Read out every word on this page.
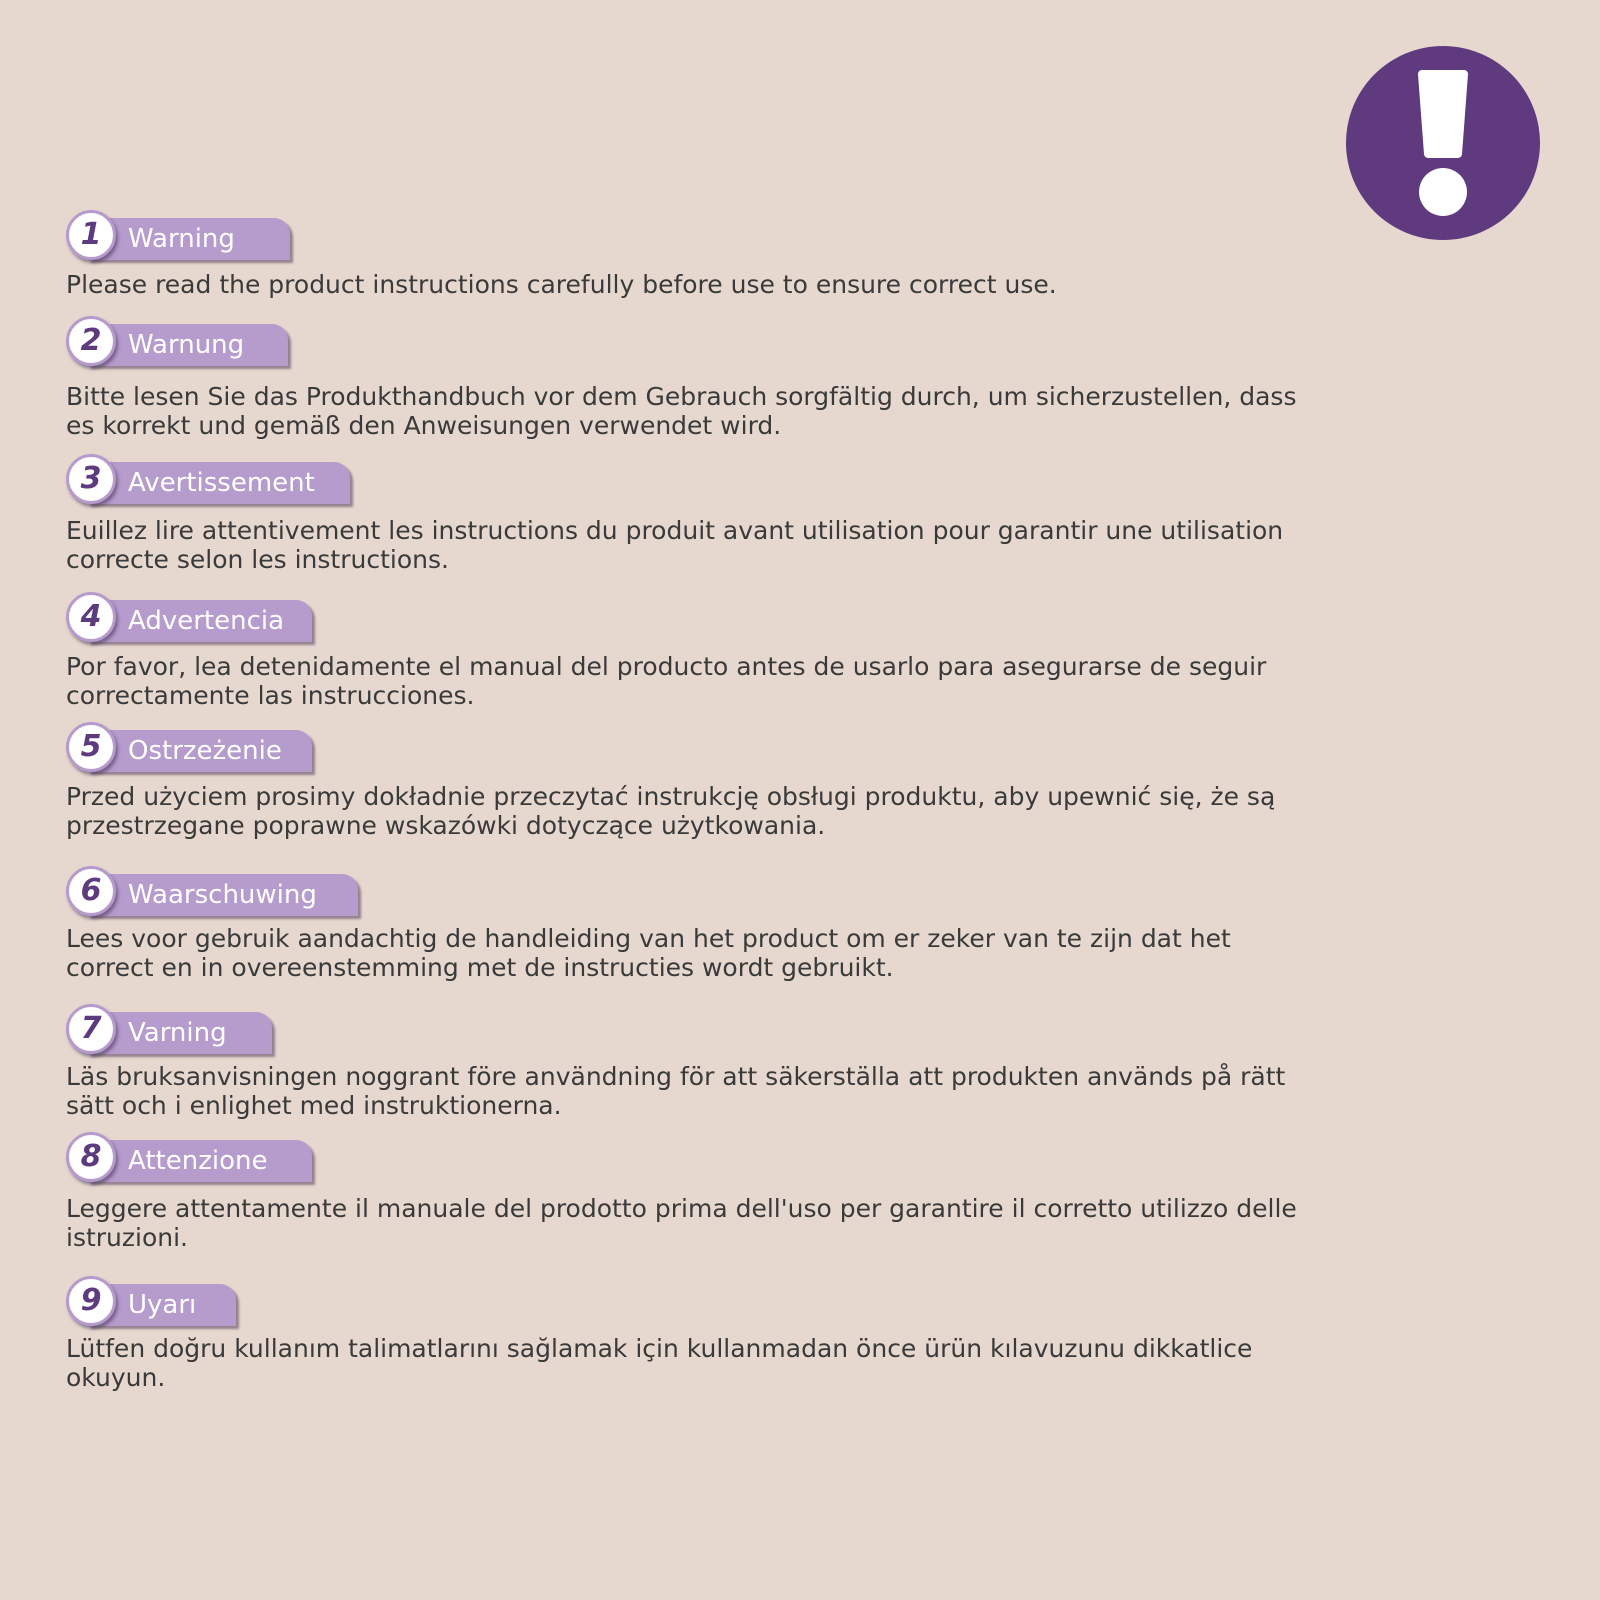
1	Warning

Please read the product instructions carefully before use to ensure correct use.

2	Warnung

Bitte lesen Sie das Produkthandbuch vor dem Gebrauch sorgfältig durch, um sicherzustellen, dass es korrekt und gemäß den Anweisungen verwendet wird.

3	Avertissement

Euillez lire attentivement les instructions du produit avant utilisation pour garantir une utilisation correcte selon les instructions.

4	Advertencia

Por favor, lea detenidamente el manual del producto antes de usarlo para asegurarse de seguir correctamente las instrucciones.

5	Ostrzeżenie

Przed użyciem prosimy dokładnie przeczytać instrukcję obsługi produktu, aby upewnić się, że są przestrzegane poprawne wskazówki dotyczące użytkowania.

6	Waarschuwing

Lees voor gebruik aandachtig de handleiding van het product om er zeker van te zijn dat het correct en in overeenstemming met de instructies wordt gebruikt.

7	Varning

Läs bruksanvisningen noggrant före användning för att säkerställa att produkten används på rätt sätt och i enlighet med instruktionerna.

8	Attenzione

Leggere attentamente il manuale del prodotto prima dell'uso per garantire il corretto utilizzo delle istruzioni.

9	Uyarı

Lütfen doğru kullanım talimatlarını sağlamak için kullanmadan önce ürün kılavuzunu dikkatlice okuyun.
